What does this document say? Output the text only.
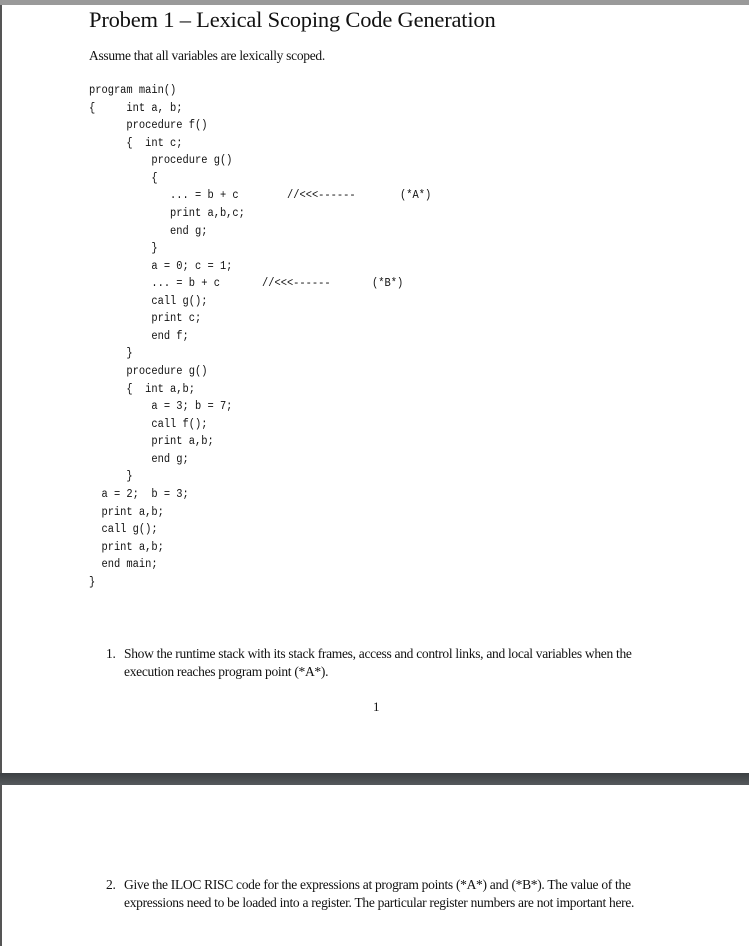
Probem 1 – Lexical Scoping Code Generation
Assume that all variables are lexically scoped.
program main()
{     int a, b;
procedure f()
{  int c;
procedure g()
{
... = b + c	//<<<------	(*A*)
print a,b,c;
end g;
}
a = 0; c = 1;
... = b + c	//<<<------	(*B*)
call g();
print c;
end f;
}
procedure g()
{  int a,b;
a = 3; b = 7;
call f();
print a,b;
end g;
}
a = 2;  b = 3;
print a,b;
call g();
print a,b;
end main;
}
1. Show the runtime stack with its stack frames, access and control links, and local variables when the execution reaches program point (*A*).
1
2. Give the ILOC RISC code for the expressions at program points (*A*) and (*B*). The value of the expressions need to be loaded into a register. The particular register numbers are not important here.
